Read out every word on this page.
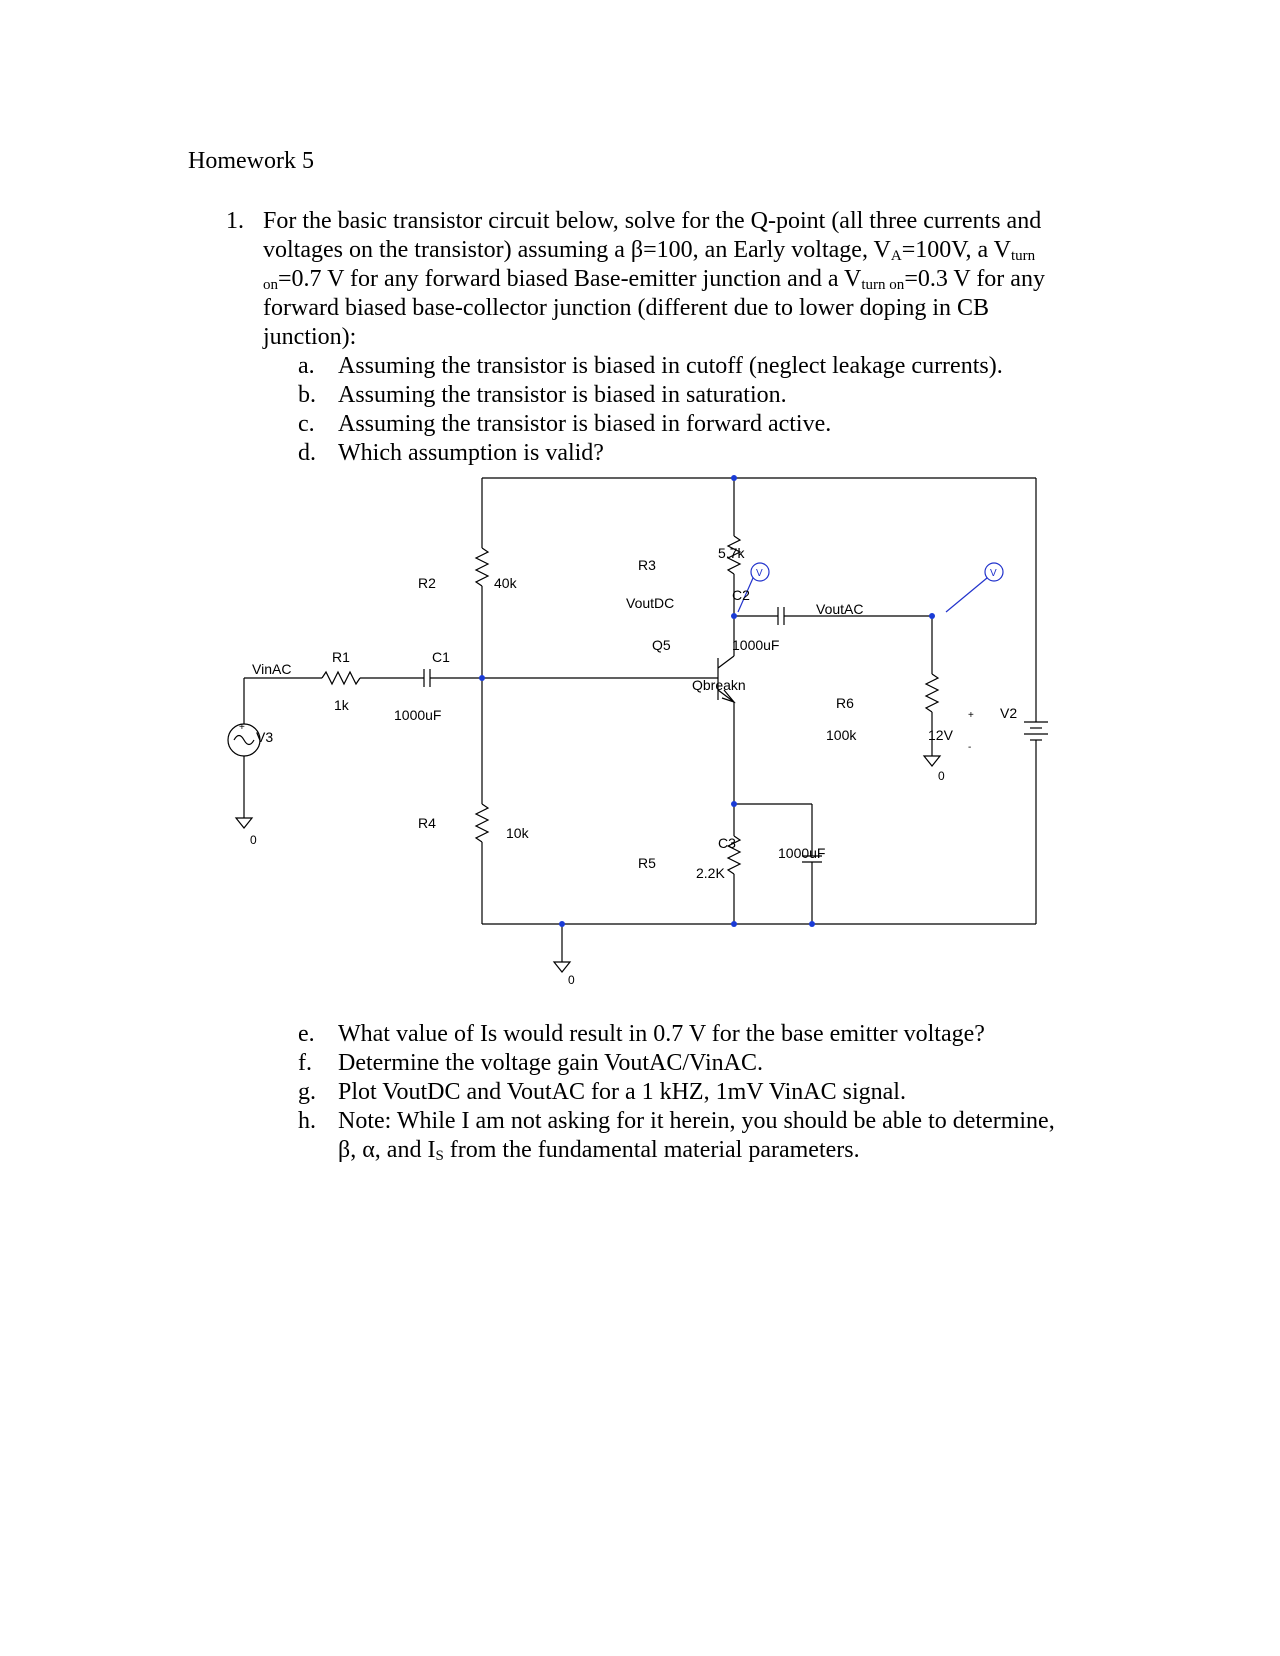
Homework 5
1. For the basic transistor circuit below, solve for the Q-point (all three currents and
voltages on the transistor) assuming a β=100, an Early voltage, $V_A=100V$, a $V_{turn}$
$_{on}$=0.7 V for any forward biased Base-emitter junction and a $V_{turn on}=0.3$ V for any
forward biased base-collector junction (different due to lower doping in CB
junction):
a. Assuming the transistor is biased in cutoff (neglect leakage currents).
b. Assuming the transistor is biased in saturation.
c. Assuming the transistor is biased in forward active.
d. Which assumption is valid?
V	V
VinAC
V3
+
0
R1
1k
C1
1000uF
R2	40k
R4
10k
R3
5.7k
VoutDC	C2
1000uF
Q5
Qbreakn
VoutAC
R6
100k
0
12V
+
-
V2
R5
2.2K
C3
1000uF
0
e. What value of Is would result in 0.7 V for the base emitter voltage?
f. Determine the voltage gain VoutAC/VinAC.
g. Plot VoutDC and VoutAC for a 1 kHZ, 1mV VinAC signal.
h. Note: While I am not asking for it herein, you should be able to determine,
β, α, and $I_S$ from the fundamental material parameters.
